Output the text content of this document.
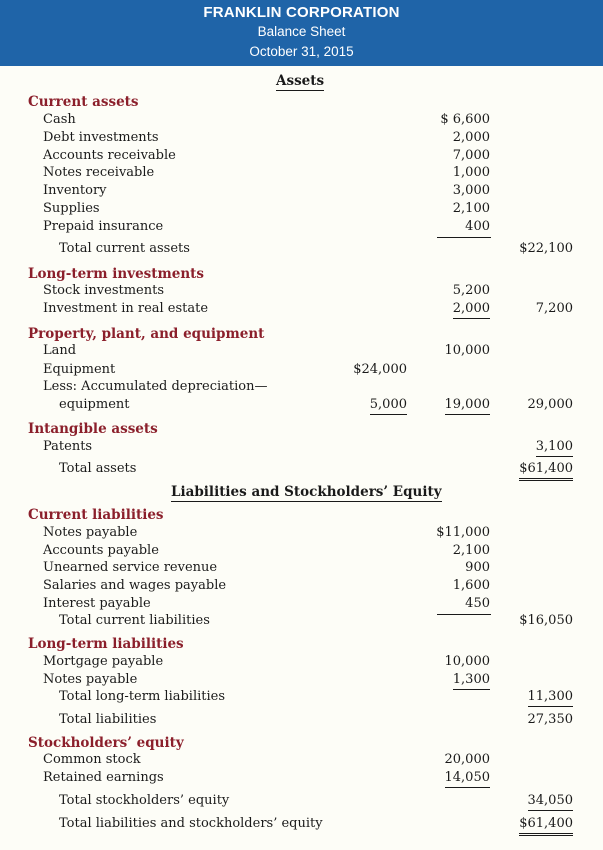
FRANKLIN CORPORATION
Balance Sheet
October 31, 2015
Assets
Current assets
Cash	$ 6,600
Debt investments	2,000
Accounts receivable	7,000
Notes receivable	1,000
Inventory	3,000
Supplies	2,100
Prepaid insurance	400
Total current assets	$22,100
Long-term investments
Stock investments	5,200
Investment in real estate	2,000	7,200
Property, plant, and equipment
Land	10,000
Equipment	$24,000
Less: Accumulated depreciation—
equipment	5,000	19,000	29,000
Intangible assets
Patents	3,100
Total assets	$61,400
Liabilities and Stockholders’ Equity
Current liabilities
Notes payable	$11,000
Accounts payable	2,100
Unearned service revenue	900
Salaries and wages payable	1,600
Interest payable	450
Total current liabilities	$16,050
Long-term liabilities
Mortgage payable	10,000
Notes payable	1,300
Total long-term liabilities	11,300
Total liabilities	27,350
Stockholders’ equity
Common stock	20,000
Retained earnings	14,050
Total stockholders’ equity	34,050
Total liabilities and stockholders’ equity	$61,400
